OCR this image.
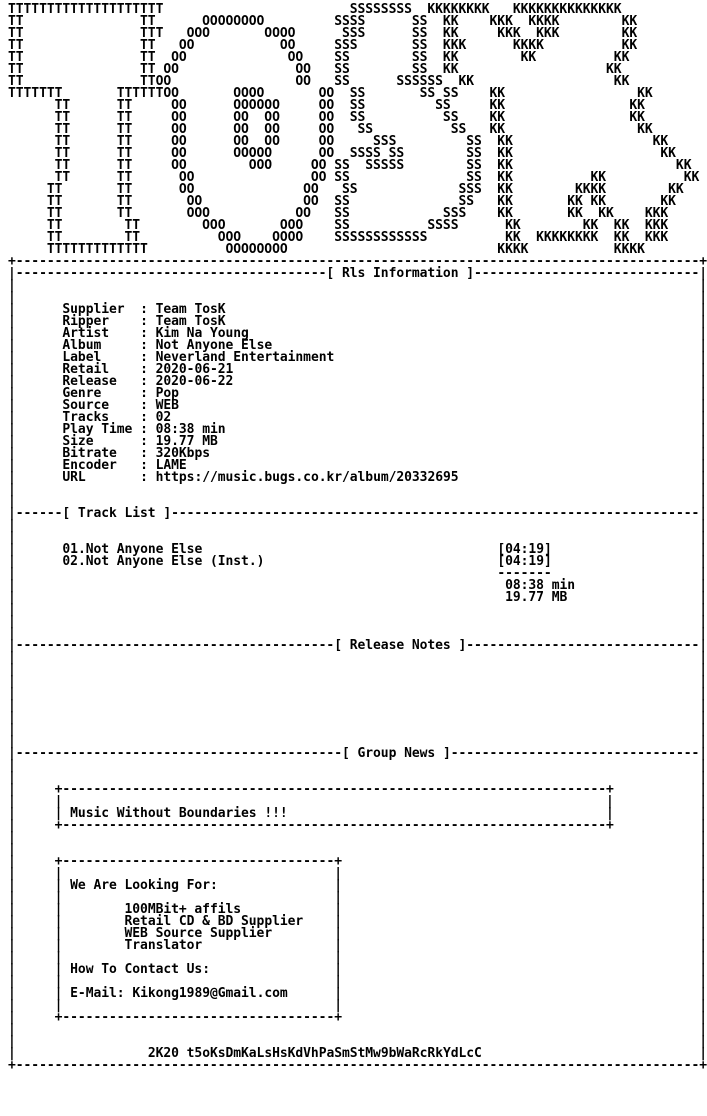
TTTTTTTTTTTTTTTTTTTT                        SSSSSSSS  KKKKKKKK   KKKKKKKKKKKKKK
TT               TT      OOOOOOOO         SSSS      SS  KK    KKK  KKKK        KK
TT               TTT   OOO       OOOO      SSS      SS  KK     KKK  KKK        KK
TT               TT   OO           OO     SSS       SS  KKK      KKKK          KK
TT               TT  OO             OO    SS        SS  KK        KK          KK
TT               TT OO               OO   SS        SS  KK                   KK
TT               TTOO                OO   SS      SSSSSS  KK                  KK
TTTTTTT       TTTTTTOO       OOOO       OO  SS       SS SS    KK                 KK
TT      TT     OO      OOOOOO     OO  SS         SS     KK                KK
TT      TT     OO      OO  OO     OO  SS          SS    KK                KK
TT      TT     OO      OO  OO     OO   SS          SS   KK                 KK
TT      TT     OO      OO  OO     OO     SSS         SS  KK                  KK
TT      TT     OO      OOOOO      OO  SSSS SS        SS  KK                   KK
TT      TT     OO        OOO     OO SS  SSSSS        SS  KK                     KK
TT      TT      OO               OO SS               SS  KK          KK          KK
TT       TT      OO              OO   SS             SSS  KK        KKKK        KK
TT       TT       OO             OO  SS              SS   KK       KK KK       KK
TT       TT       OOO           OO   SS            SSS    KK       KK  KK    KKK
TT        TT        OOO       OOO    SS          SSSS      KK        KK  KK  KKK
TT        TT          OOO    OOOO    SSSSSSSSSSSS          KK  KKKKKKKK  KK  KKK
TTTTTTTTTTTTT          OOOOOOOO                           KKKK           KKKK
+----------------------------------------------------------------------------------------+
|----------------------------------------[ Rls Information ]-----------------------------|
|                                                                                        |
|                                                                                        |
|	Supplier  : Team TosK                                                             |
|	Ripper    : Team TosK                                                             |
|	Artist    : Kim Na Young                                                          |
|	Album     : Not Anyone Else                                                       |
|	Label     : Neverland Entertainment                                               |
|	Retail    : 2020-06-21                                                            |
|	Release   : 2020-06-22                                                            |
|	Genre     : Pop                                                                   |
|	Source    : WEB                                                                   |
|	Tracks    : 02                                                                    |
|	Play Time : 08:38 min                                                             |
|	Size      : 19.77 MB                                                              |
|	Bitrate   : 320Kbps                                                               |
|	Encoder   : LAME                                                                  |
|	URL       : https://music.bugs.co.kr/album/20332695                               |
|                                                                                        |
|                                                                                        |
|------[ Track List ]--------------------------------------------------------------------|
|                                                                                        |
|                                                                                        |
|	01.Not Anyone Else	[04:19]                   |
|	02.Not Anyone Else (Inst.)	[04:19]                   |
|	-------                   |
|	08:38 min                |
|	19.77 MB                 |
|                                                                                        |
|                                                                                        |
|                                                                                        |
|-----------------------------------------[ Release Notes ]------------------------------|
|                                                                                        |
|                                                                                        |
|                                                                                        |
|                                                                                        |
|                                                                                        |
|                                                                                        |
|                                                                                        |
|                                                                                        |
|------------------------------------------[ Group News ]--------------------------------|
|                                                                                        |
|                                                                                        |
|     +----------------------------------------------------------------------+           |
|     |                                                                      |           |
|     | Music Without Boundaries !!!                                         |           |
|     +----------------------------------------------------------------------+           |
|                                                                                        |
|                                                                                        |
|     +-----------------------------------+                                              |
|     |                                   |                                              |
|     | We Are Looking For:               |                                              |
|     |                                   |                                              |
|     |        100MBit+ affils            |                                              |
|     |        Retail CD & BD Supplier    |                                              |
|     |        WEB Source Supplier        |                                              |
|     |        Translator                 |                                              |
|     |                                   |                                              |
|     | How To Contact Us:                |                                              |
|     |                                   |                                              |
|     | E-Mail: Kikong1989@Gmail.com      |                                              |
|     |                                   |                                              |
|     +-----------------------------------+                                              |
|                                                                                        |
|                                                                                        |
|	2K20 t5oKsDmKaLsHsKdVhPaSmStMw9bWaRcRkYdLcC                            |
+----------------------------------------------------------------------------------------+
